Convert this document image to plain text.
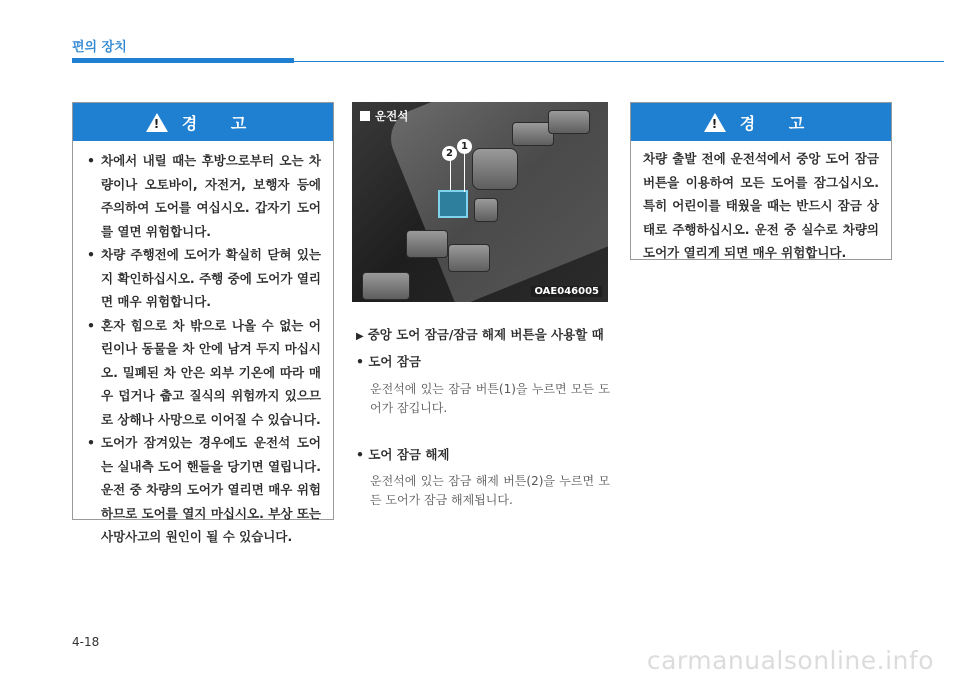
편의 장치
!
경 고
• 차에서 내릴 때는 후방으로부터 오는 차량이나 오토바이, 자전거, 보행자 등에 주의하여 도어를 여십시오. 갑자기 도어를 열면 위험합니다.
• 차량 주행전에 도어가 확실히 닫혀 있는지 확인하십시오. 주행 중에 도어가 열리면 매우 위험합니다.
• 혼자 힘으로 차 밖으로 나올 수 없는 어린이나 동물을 차 안에 남겨 두지 마십시오. 밀폐된 차 안은 외부 기온에 따라 매우 덥거나 춥고 질식의 위험까지 있으므로 상해나 사망으로 이어질 수 있습니다.
• 도어가 잠겨있는 경우에도 운전석 도어는 실내측 도어 핸들을 당기면 열립니다. 운전 중 차량의 도어가 열리면 매우 위험하므로 도어를 열지 마십시오. 부상 또는 사망사고의 원인이 될 수 있습니다.
1
2
운전석
OAE046005
▶ 중앙 도어 잠금/잠금 해제 버튼을 사용할 때
• 도어 잠금
운전석에 있는 잠금 버튼(1)을 누르면 모든 도어가 잠깁니다.
• 도어 잠금 해제
운전석에 있는 잠금 해제 버튼(2)을 누르면 모든 도어가 잠금 해제됩니다.
!
경 고
차량 출발 전에 운전석에서 중앙 도어 잠금 버튼을 이용하여 모든 도어를 잠그십시오. 특히 어린이를 태웠을 때는 반드시 잠금 상태로 주행하십시오. 운전 중 실수로 차량의 도어가 열리게 되면 매우 위험합니다.
4-18
carmanualsonline.info
